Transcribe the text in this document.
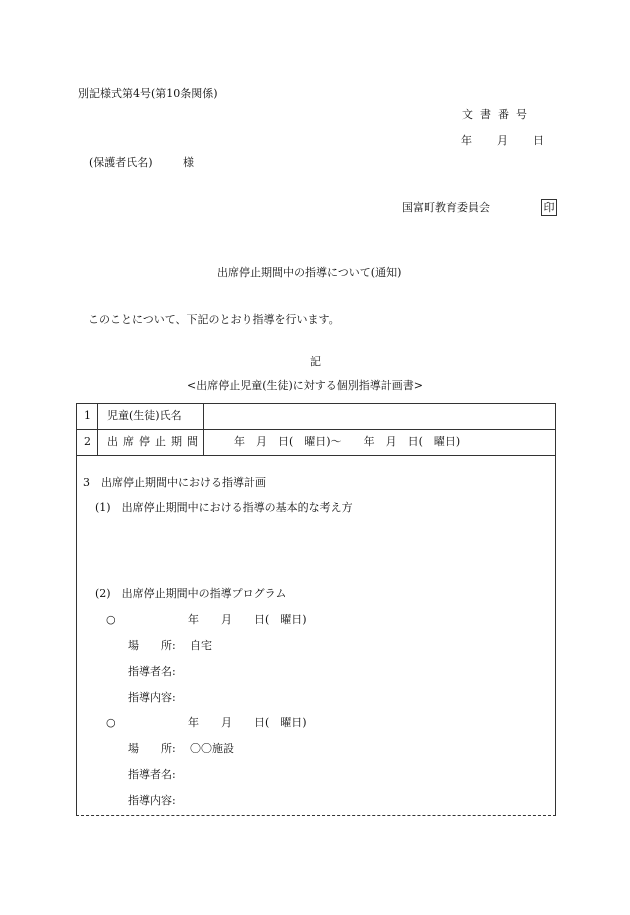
別記様式第4号(第10条関係)
文書番号
年 月 日
(保護者氏名)	様
国富町教育委員会	印
出席停止期間中の指導について(通知)
このことについて、下記のとおり指導を行います。
記
<出席停止児童(生徒)に対する個別指導計画書>
1 児童(生徒)氏名
2 出席停止期間	年　月　日(　曜日)〜　　年　月　日(　曜日)
3　出席停止期間中における指導計画
(1)　出席停止期間中における指導の基本的な考え方
(2)　出席停止期間中の指導プログラム
○	年　　月　　日(　曜日)
場　　所: 自宅
指導者名:
指導内容:
○	年　　月　　日(　曜日)
場　　所: 〇〇施設
指導者名:
指導内容:
